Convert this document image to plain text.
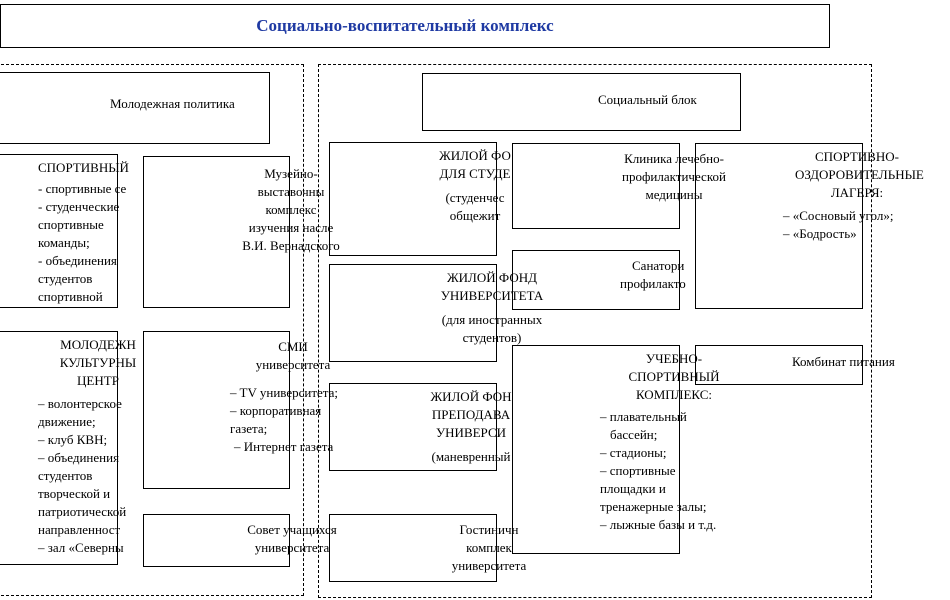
Социально-воспитательный комплекс
Молодежная политика
СПОРТИВНЫЙ
- спортивные се
- студенческие
спортивные
команды;
- объединения
студентов
спортивной
Музейно-
выставочны
комплекс
изучения насле
В.И. Вернадского
МОЛОДЕЖН
КУЛЬТУРНЫ
ЦЕНТР
– волонтерское
движение;
– клуб КВН;
– объединения
студентов
творческой и
патриотической
направленност
– зал «Северны
СМИ
университета
– TV университета;
– корпоративная
газета;
– Интернет газета
Совет учащихся
университета
Социальный блок
ЖИЛОЙ ФО
ДЛЯ СТУДЕ
(студенчес
общежит
ЖИЛОЙ ФОНД
УНИВЕРСИТЕТА
(для иностранных
студентов)
ЖИЛОЙ ФОН
ПРЕПОДАВА
УНИВЕРСИ
(маневренный
Гостиничн
комплек
университета
Клиника лечебно-
профилактической
медицины
Санатори
профилакто
УЧЕБНО-
СПОРТИВНЫЙ
КОМПЛЕКС:
– плавательный
бассейн;
– стадионы;
– спортивные
площадки и
тренажерные залы;
– лыжные базы и т.д.
СПОРТИВНО-
ОЗДОРОВИТЕЛЬНЫЕ
ЛАГЕРЯ:
– «Сосновый угол»;
– «Бодрость»
Комбинат питания
